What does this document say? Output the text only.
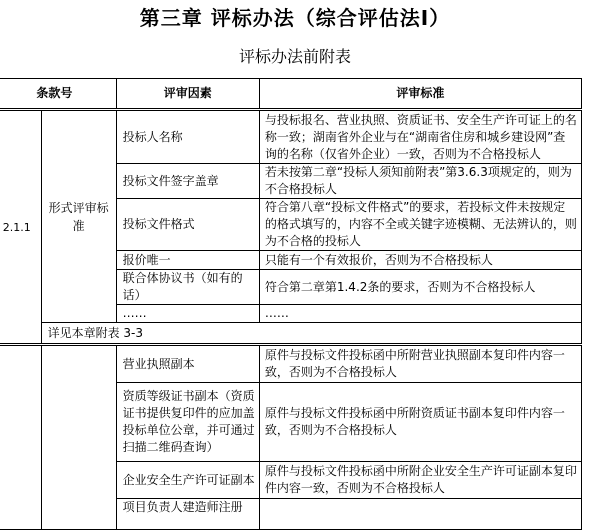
第三章 评标办法（综合评估法Ⅰ）
评标办法前附表
条款号		评审因素	评审标准
2.1.1	形式评审标 准	投标人名称	与投标报名、营业执照、资质证书、安全生产许可证上的名称一致；湖南省外企业与在“湖南省住房和城乡建设网”查询的名称（仅省外企业）一致，否则为不合格投标人
		投标文件签字盖章	若未按第二章“投标人须知前附表”第3.6.3项规定的，则为不合格投标人
		投标文件格式	符合第八章“投标文件格式”的要求，若投标文件未按规定的格式填写的，内容不全或关键字迹模糊、无法辨认的，则为不合格的投标人
		报价唯一	只能有一个有效报价，否则为不合格投标人
		联合体协议书（如有的话）	符合第二章第1.4.2条的要求，否则为不合格投标人
		……	……
	详见本章附表 3-3		
		营业执照副本	原件与投标文件投标函中所附营业执照副本复印件内容一致，否则为不合格投标人
		资质等级证书副本（资质证书提供复印件的应加盖投标单位公章，并可通过扫描二维码查询）	原件与投标文件投标函中所附资质证书副本复印件内容一致，否则为不合格投标人
		企业安全生产许可证副本	原件与投标文件投标函中所附企业安全生产许可证副本复印件内容一致，否则为不合格投标人
		项目负责人建造师注册	
